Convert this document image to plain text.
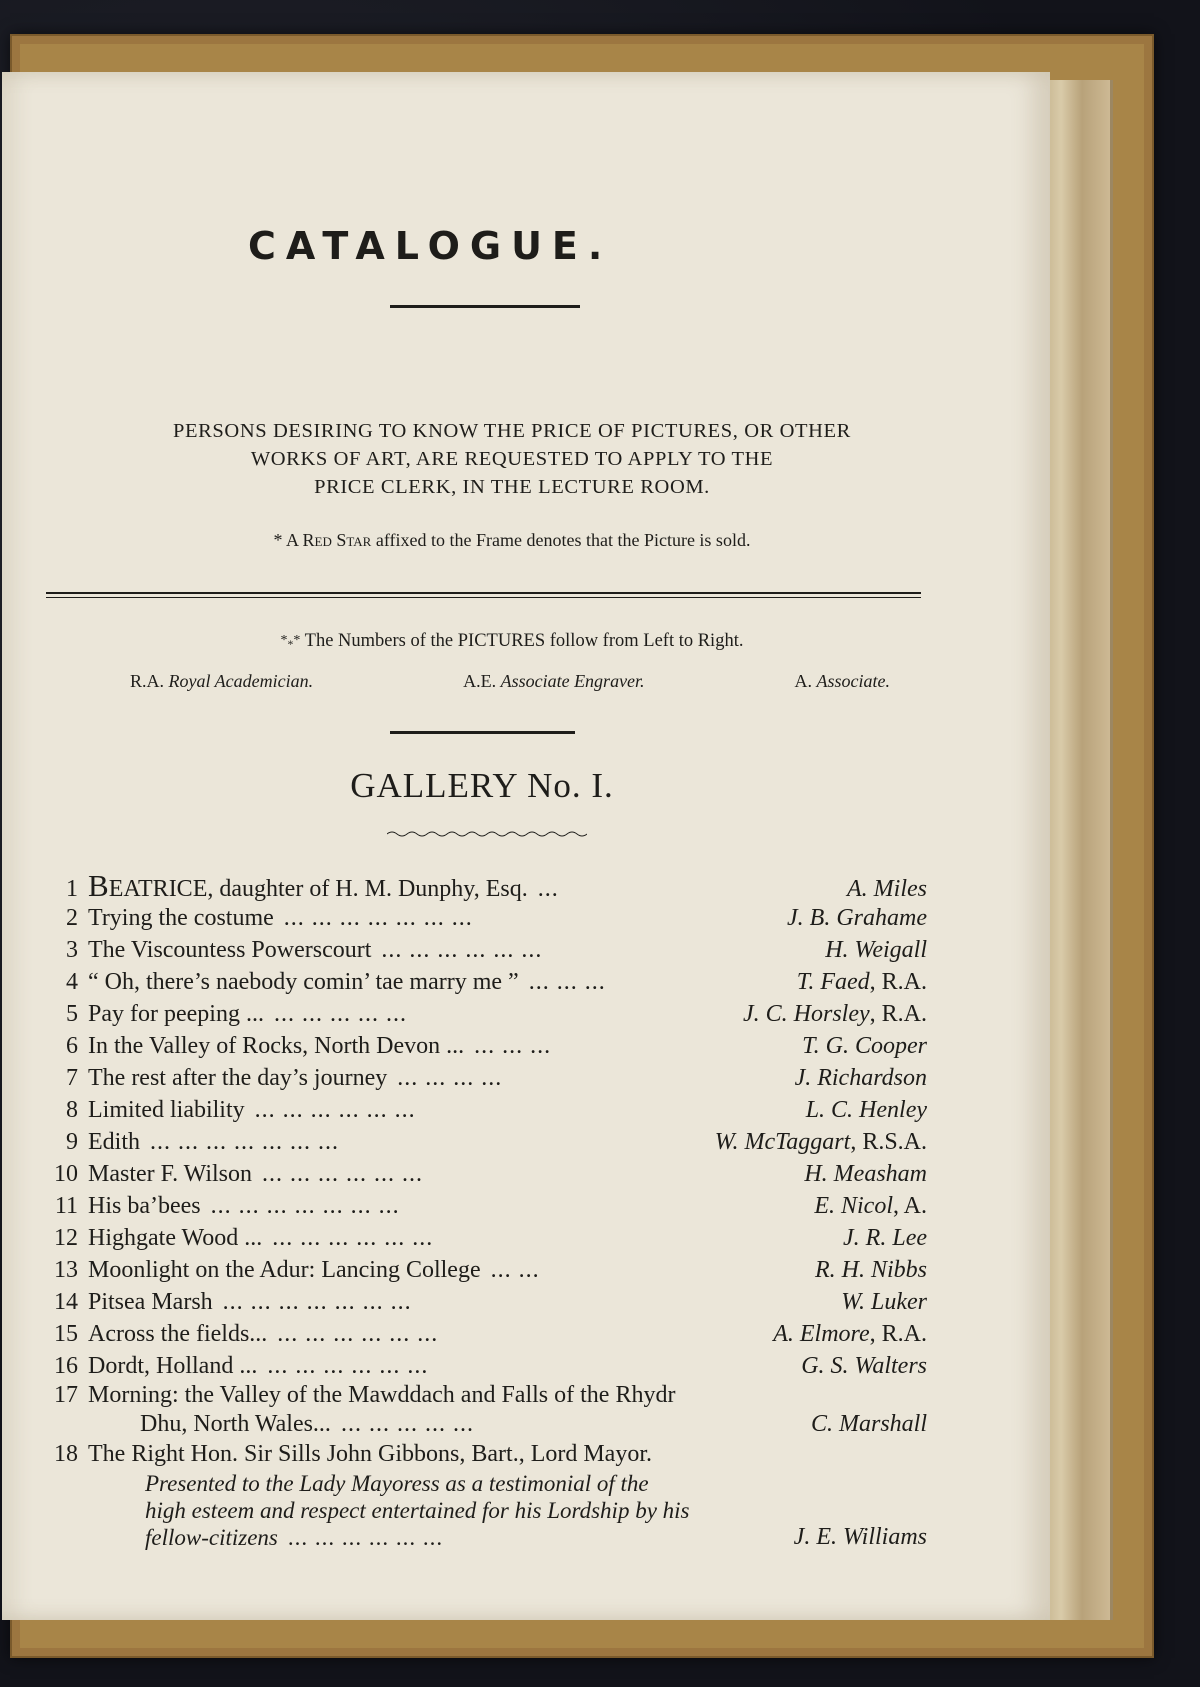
CATALOGUE.
PERSONS DESIRING TO KNOW THE PRICE OF PICTURES, OR OTHER
WORKS OF ART, ARE REQUESTED TO APPLY TO THE
PRICE CLERK, IN THE LECTURE ROOM.
* A Red Star affixed to the Frame denotes that the Picture is sold.
$*_**$ The Numbers of the PICTURES follow from Left to Right.
R.A. Royal Academician.	A.E. Associate Engraver.	A. Associate.
GALLERY No. I.
1 BEATRICE, daughter of H. M. Dunphy, Esq. ...	A. Miles
2 Trying the costume ... ... ... ... ... ... ...	J. B. Grahame
3 The Viscountess Powerscourt ... ... ... ... ... ...	H. Weigall
4 “ Oh, there’s naebody comin’ tae marry me ” ... ... ...	T. Faed, R.A.
5 Pay for peeping ... ... ... ... ... ...	J. C. Horsley, R.A.
6 In the Valley of Rocks, North Devon ... ... ... ...	T. G. Cooper
7 The rest after the day’s journey ... ... ... ...	J. Richardson
8 Limited liability ... ... ... ... ... ...	L. C. Henley
9 Edith ... ... ... ... ... ... ...	W. McTaggart, R.S.A.
10 Master F. Wilson ... ... ... ... ... ...	H. Measham
11 His ba’bees ... ... ... ... ... ... ...	E. Nicol, A.
12 Highgate Wood ... ... ... ... ... ... ...	J. R. Lee
13 Moonlight on the Adur: Lancing College ... ...	R. H. Nibbs
14 Pitsea Marsh ... ... ... ... ... ... ...	W. Luker
15 Across the fields... ... ... ... ... ... ...	A. Elmore, R.A.
16 Dordt, Holland ... ... ... ... ... ... ...	G. S. Walters
17 Morning: the Valley of the Mawddach and Falls of the Rhydr
Dhu, North Wales... ... ... ... ... ...	C. Marshall
18 The Right Hon. Sir Sills John Gibbons, Bart., Lord Mayor.
Presented to the Lady Mayoress as a testimonial of the
high esteem and respect entertained for his Lordship by his
fellow-citizens ... ... ... ... ... ...	J. E. Williams
